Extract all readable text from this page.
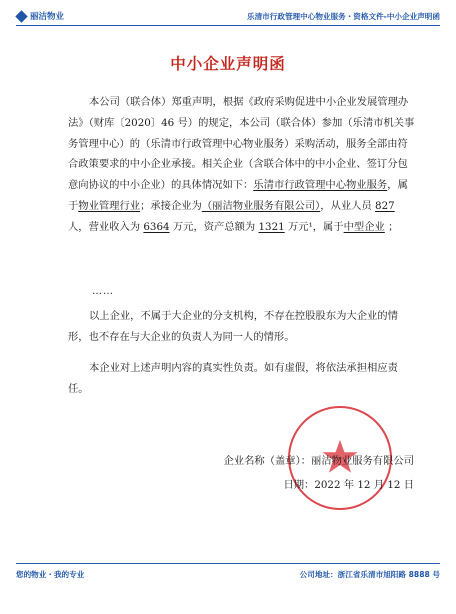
丽洁物业	乐清市行政管理中心物业服务・资格文件-中小企业声明函
中小企业声明函

本公司（联合体）郑重声明，根据《政府采购促进中小企业发展管理办法》（财库〔2020〕46 号）的规定，本公司（联合体）参加（乐清市机关事务管理中心）的（乐清市行政管理中心物业服务）采购活动，服务全部由符合政策要求的中小企业承接。相关企业（含联合体中的中小企业、签订分包意向协议的中小企业）的具体情况如下：乐清市行政管理中心物业服务，属于物业管理行业；承接企业为（丽洁物业服务有限公司），从业人员 827 人，营业收入为 6364 万元，资产总额为 1321 万元¹，属于中型企业 ；

……

以上企业，不属于大企业的分支机构，不存在控股股东为大企业的情形，也不存在与大企业的负责人为同一人的情形。

本企业对上述声明内容的真实性负责。如有虚假，将依法承担相应责任。

企业名称（盖章）：丽洁物业服务有限公司
日期：2022 年 12 月 12 日
您的物业・我的专业	公司地址：浙江省乐清市旭阳路 8888 号
